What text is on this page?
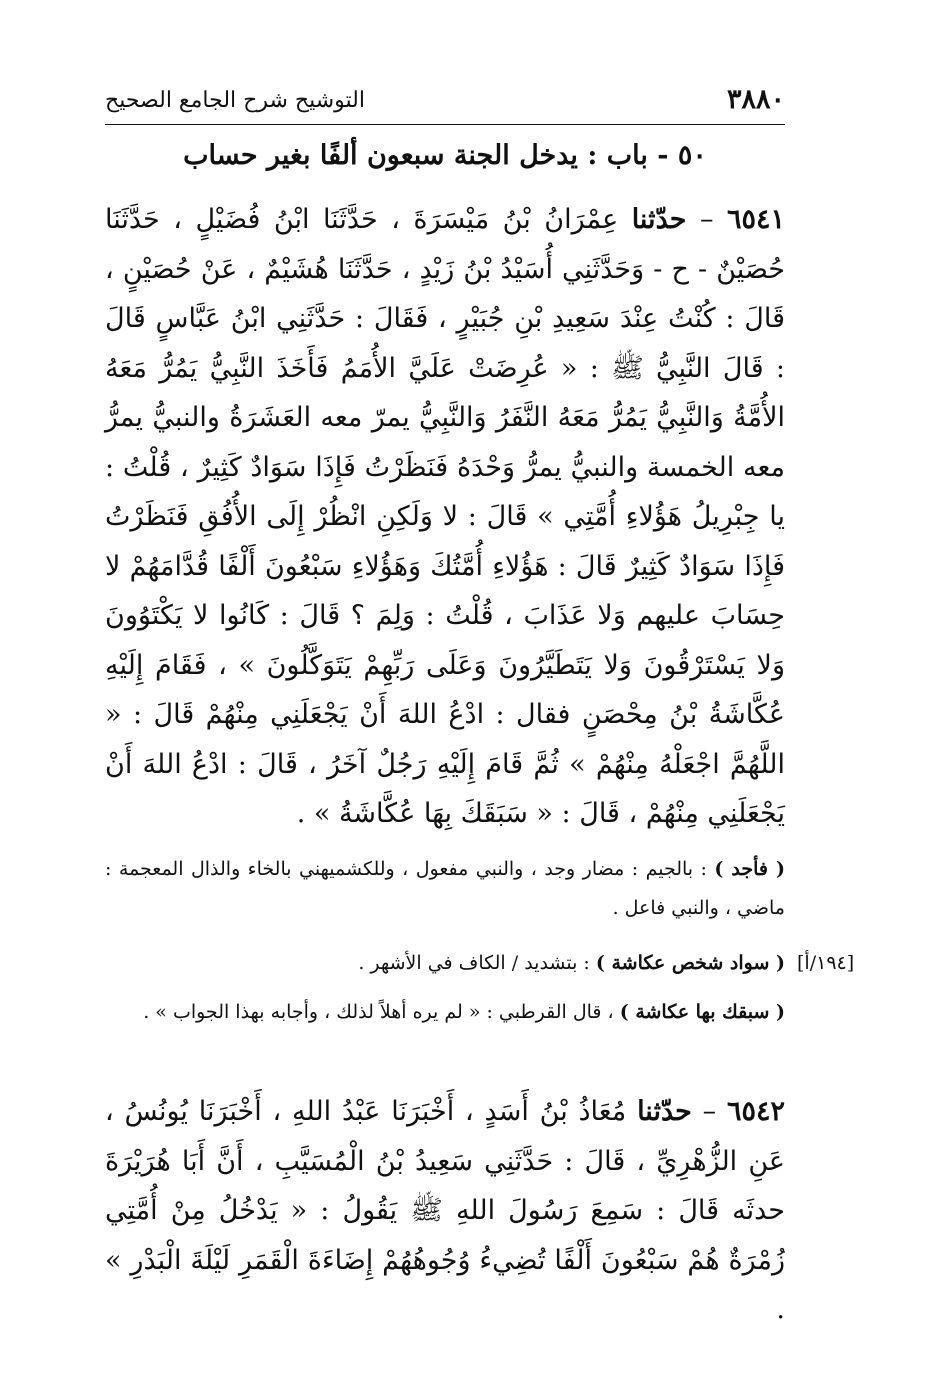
٣٨٨٠
التوشيح شرح الجامع الصحيح
٥٠ - باب : يدخل الجنة سبعون ألفًا بغير حساب
٦٥٤١ – حدّثنا عِمْرَانُ بْنُ مَيْسَرَةَ ، حَدَّثَنَا ابْنُ فُضَيْلٍ ، حَدَّثَنَا حُصَيْنٌ - ح - وَحَدَّثَنِي أُسَيْدُ بْنُ زَيْدٍ ، حَدَّثَنَا هُشَيْمٌ ، عَنْ حُصَيْنٍ ، قَالَ : كُنْتُ عِنْدَ سَعِيدِ بْنِ جُبَيْرٍ ، فَقَالَ : حَدَّثَنِي ابْنُ عَبَّاسٍ قَالَ : قَالَ النَّبِيُّ ﷺ : « عُرِضَتْ عَلَيَّ الأُمَمُ فَأَخَذَ النَّبِيُّ يَمُرُّ مَعَهُ الأُمَّةُ وَالنَّبِيُّ يَمُرُّ مَعَهُ النَّفَرُ وَالنَّبِيُّ يمرّ معه العَشَرَةُ والنبيُّ يمرُّ معه الخمسة والنبيُّ يمرُّ وَحْدَهُ فَنَظَرْتُ فَإِذَا سَوَادٌ كَثِيرٌ ، قُلْتُ : يا جِبْرِيلُ هَؤُلاءِ أُمَّتِي » قَالَ : لا وَلَكِنِ انْظُرْ إِلَى الأُفُقِ فَنَظَرْتُ فَإِذَا سَوَادٌ كَثِيرٌ قَالَ : هَؤُلاءِ أُمَّتُكَ وَهَؤُلاءِ سَبْعُونَ أَلْفًا قُدَّامَهُمْ لا حِسَابَ عليهم وَلا عَذَابَ ، قُلْتُ : وَلِمَ ؟ قَالَ : كَانُوا لا يَكْتَوُونَ وَلا يَسْتَرْقُونَ وَلا يَتَطَيَّرُونَ وَعَلَى رَبِّهِمْ يَتَوَكَّلُونَ » ، فَقَامَ إِلَيْهِ عُكَّاشَةُ بْنُ مِحْصَنٍ فقال : ادْعُ اللهَ أَنْ يَجْعَلَنِي مِنْهُمْ قَالَ : « اللَّهُمَّ اجْعَلْهُ مِنْهُمْ » ثُمَّ قَامَ إِلَيْهِ رَجُلٌ آخَرُ ، قَالَ : ادْعُ اللهَ أَنْ يَجْعَلَنِي مِنْهُمْ ، قَالَ : « سَبَقَكَ بِهَا عُكَّاشَةُ » .
( فأجد ) : بالجيم : مضار وجد ، والنبي مفعول ، وللكشميهني بالخاء والذال المعجمة : ماضي ، والنبي فاعل .
( سواد شخص عكاشة ) : بتشديد / الكاف في الأشهر .	[١٩٤/أ]
( سبقك بها عكاشة ) ، قال القرطبي : « لم يره أهلاً لذلك ، وأجابه بهذا الجواب » .
٦٥٤٢ – حدّثنا مُعَاذُ بْنُ أَسَدٍ ، أَخْبَرَنَا عَبْدُ اللهِ ، أَخْبَرَنَا يُونُسُ ، عَنِ الزُّهْرِيِّ ، قَالَ : حَدَّثَنِي سَعِيدُ بْنُ الْمُسَيَّبِ ، أَنَّ أَبَا هُرَيْرَةَ حدثَه قَالَ : سَمِعَ رَسُولَ اللهِ ﷺ يَقُولُ : « يَدْخُلُ مِنْ أُمَّتِي زُمْرَةٌ هُمْ سَبْعُونَ أَلْفًا تُضِيءُ وُجُوهُهُمْ إِضَاءَةَ الْقَمَرِ لَيْلَةَ الْبَدْرِ » .
